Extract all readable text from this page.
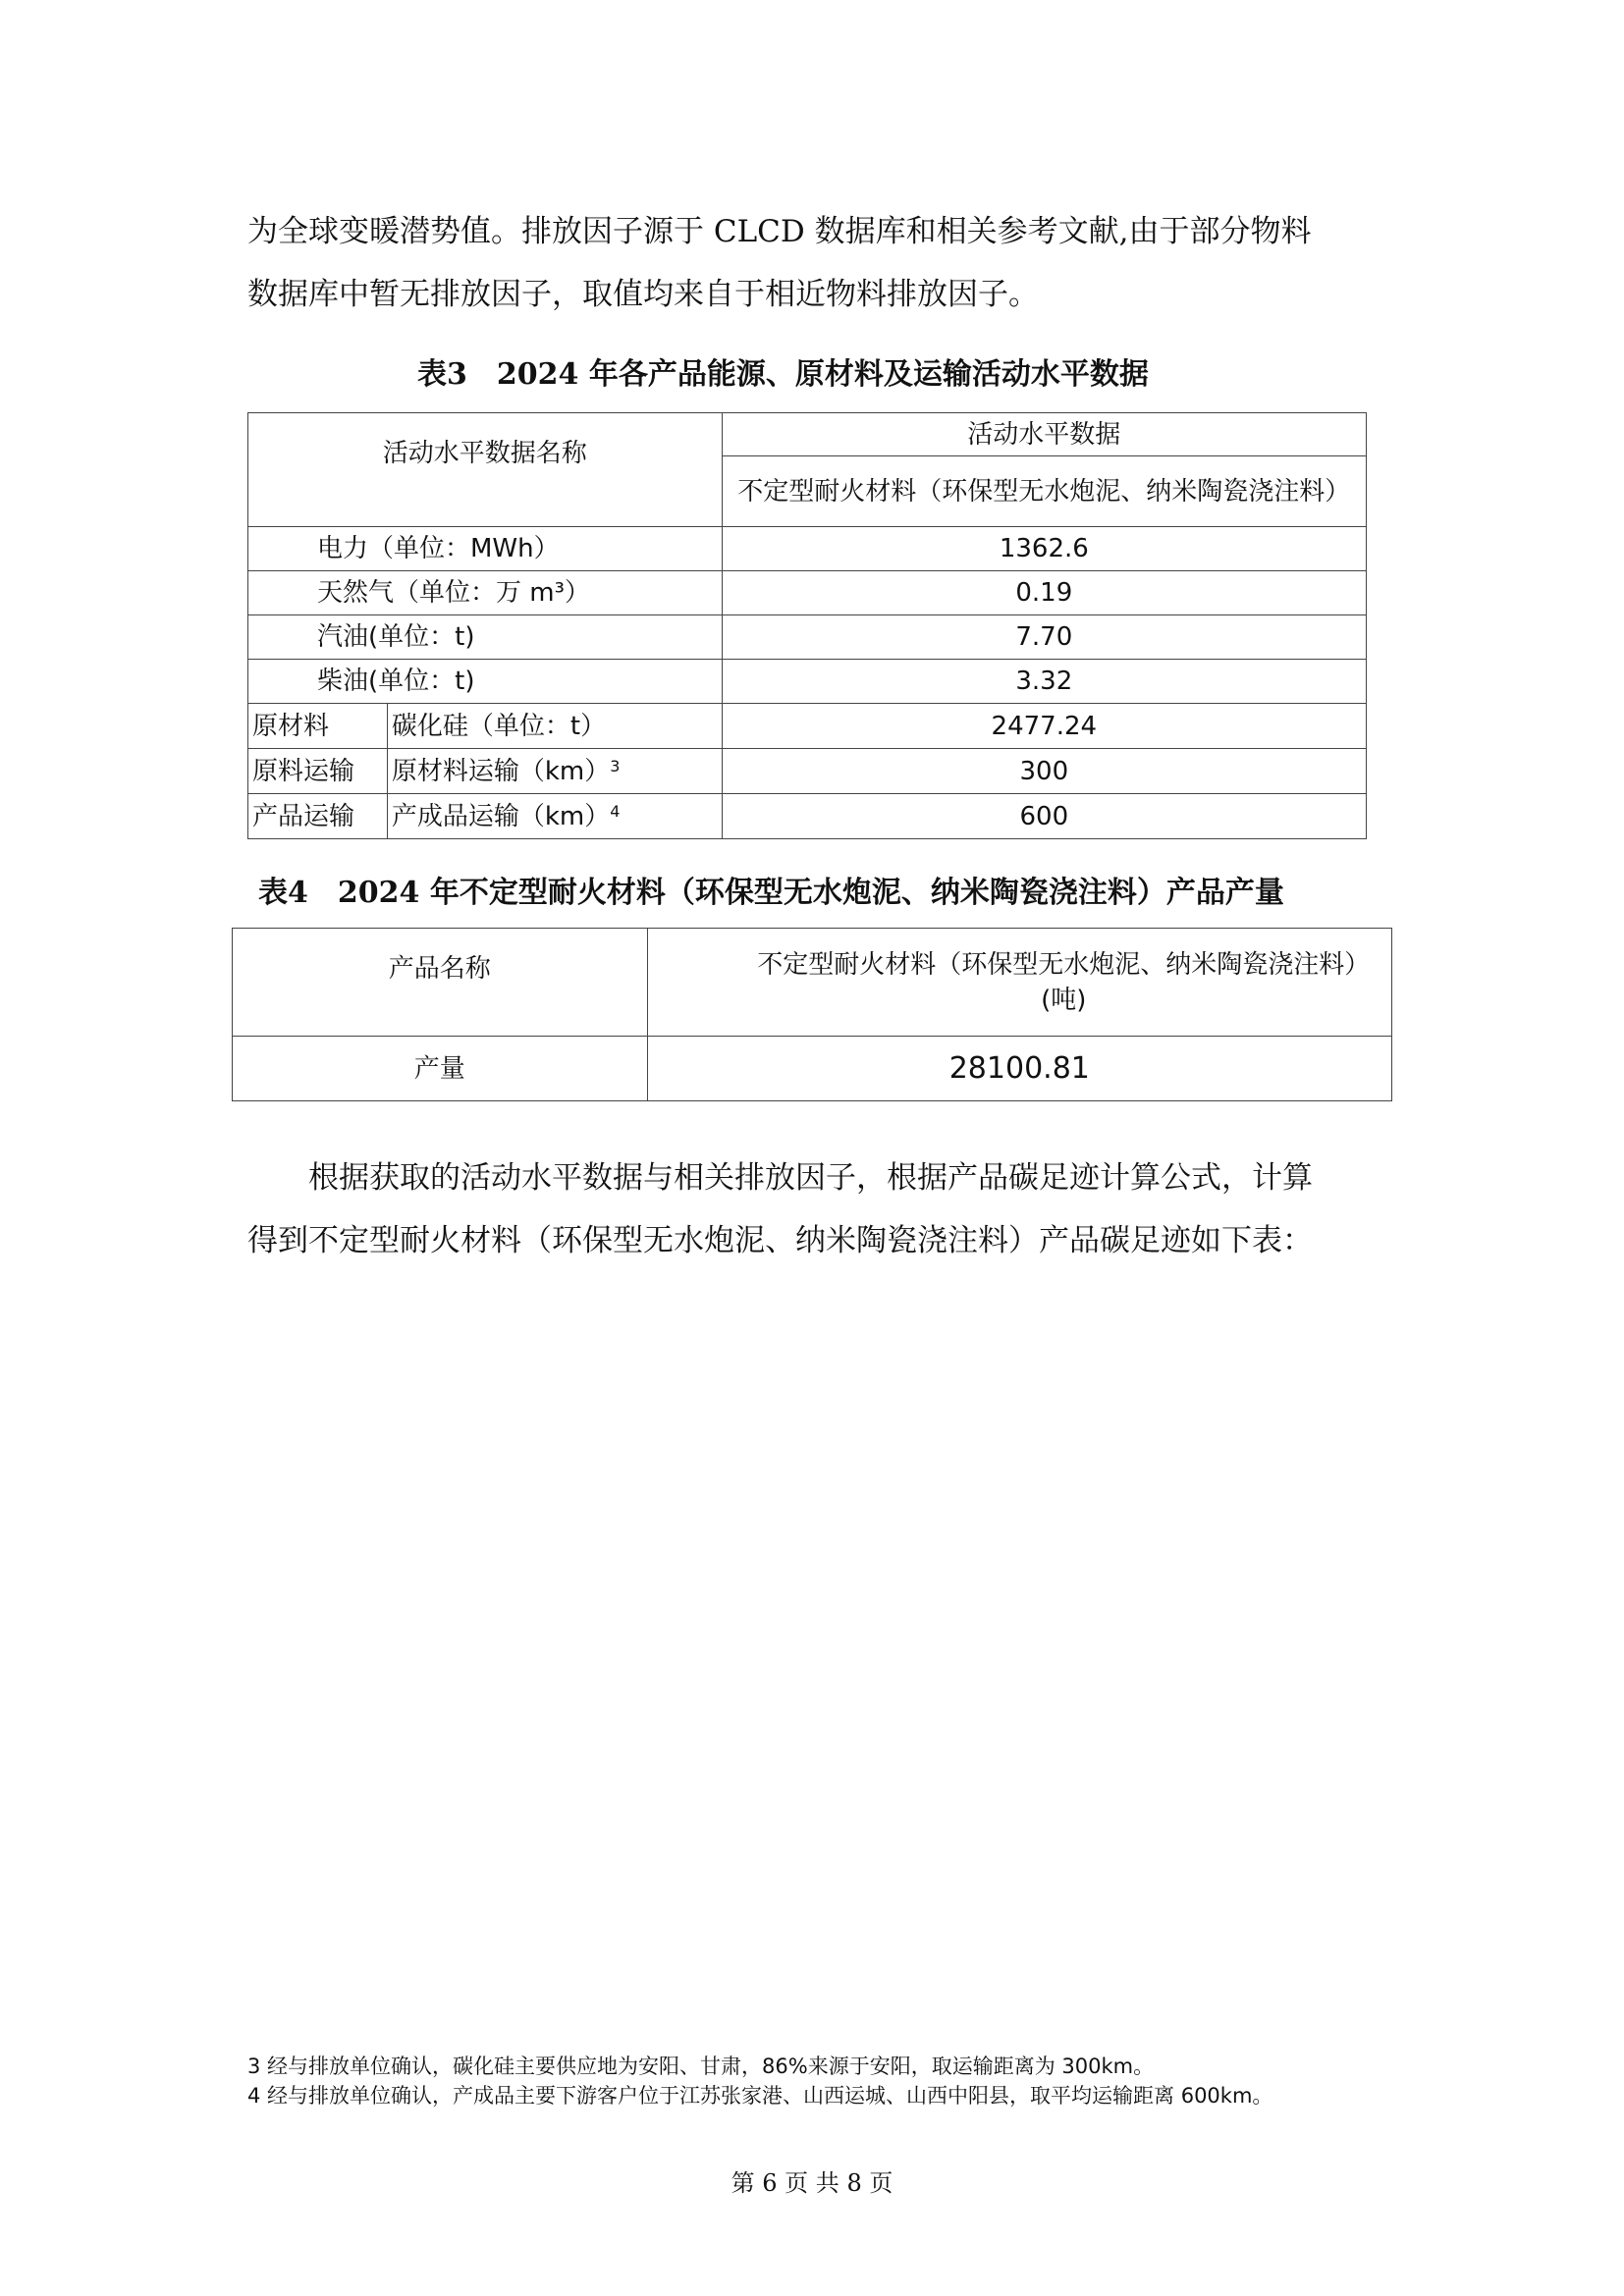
为全球变暖潜势值。排放因子源于 CLCD 数据库和相关参考文献,由于部分物料

数据库中暂无排放因子，取值均来自于相近物料排放因子。

表3　2024 年各产品能源、原材料及运输活动水平数据

活动水平数据名称		活动水平数据
		不定型耐火材料（环保型无水炮泥、纳米陶瓷浇注料）
电力（单位：MWh）		1362.6
天然气（单位：万 m³）		0.19
汽油(单位：t)		7.70
柴油(单位：t)		3.32
原材料	碳化硅（单位：t）	2477.24
原料运输	原材料运输（km）$^3$	300
产品运输	产成品运输（km）$^4$	600

表4　2024 年不定型耐火材料（环保型无水炮泥、纳米陶瓷浇注料）产品产量

产品名称	不定型耐火材料（环保型无水炮泥、纳米陶瓷浇注料）(吨)
产量	28100.81

根据获取的活动水平数据与相关排放因子，根据产品碳足迹计算公式，计算

得到不定型耐火材料（环保型无水炮泥、纳米陶瓷浇注料）产品碳足迹如下表：

3 经与排放单位确认，碳化硅主要供应地为安阳、甘肃，86%来源于安阳，取运输距离为 300km。

4 经与排放单位确认，产成品主要下游客户位于江苏张家港、山西运城、山西中阳县，取平均运输距离 600km。

第 6 页 共 8 页
